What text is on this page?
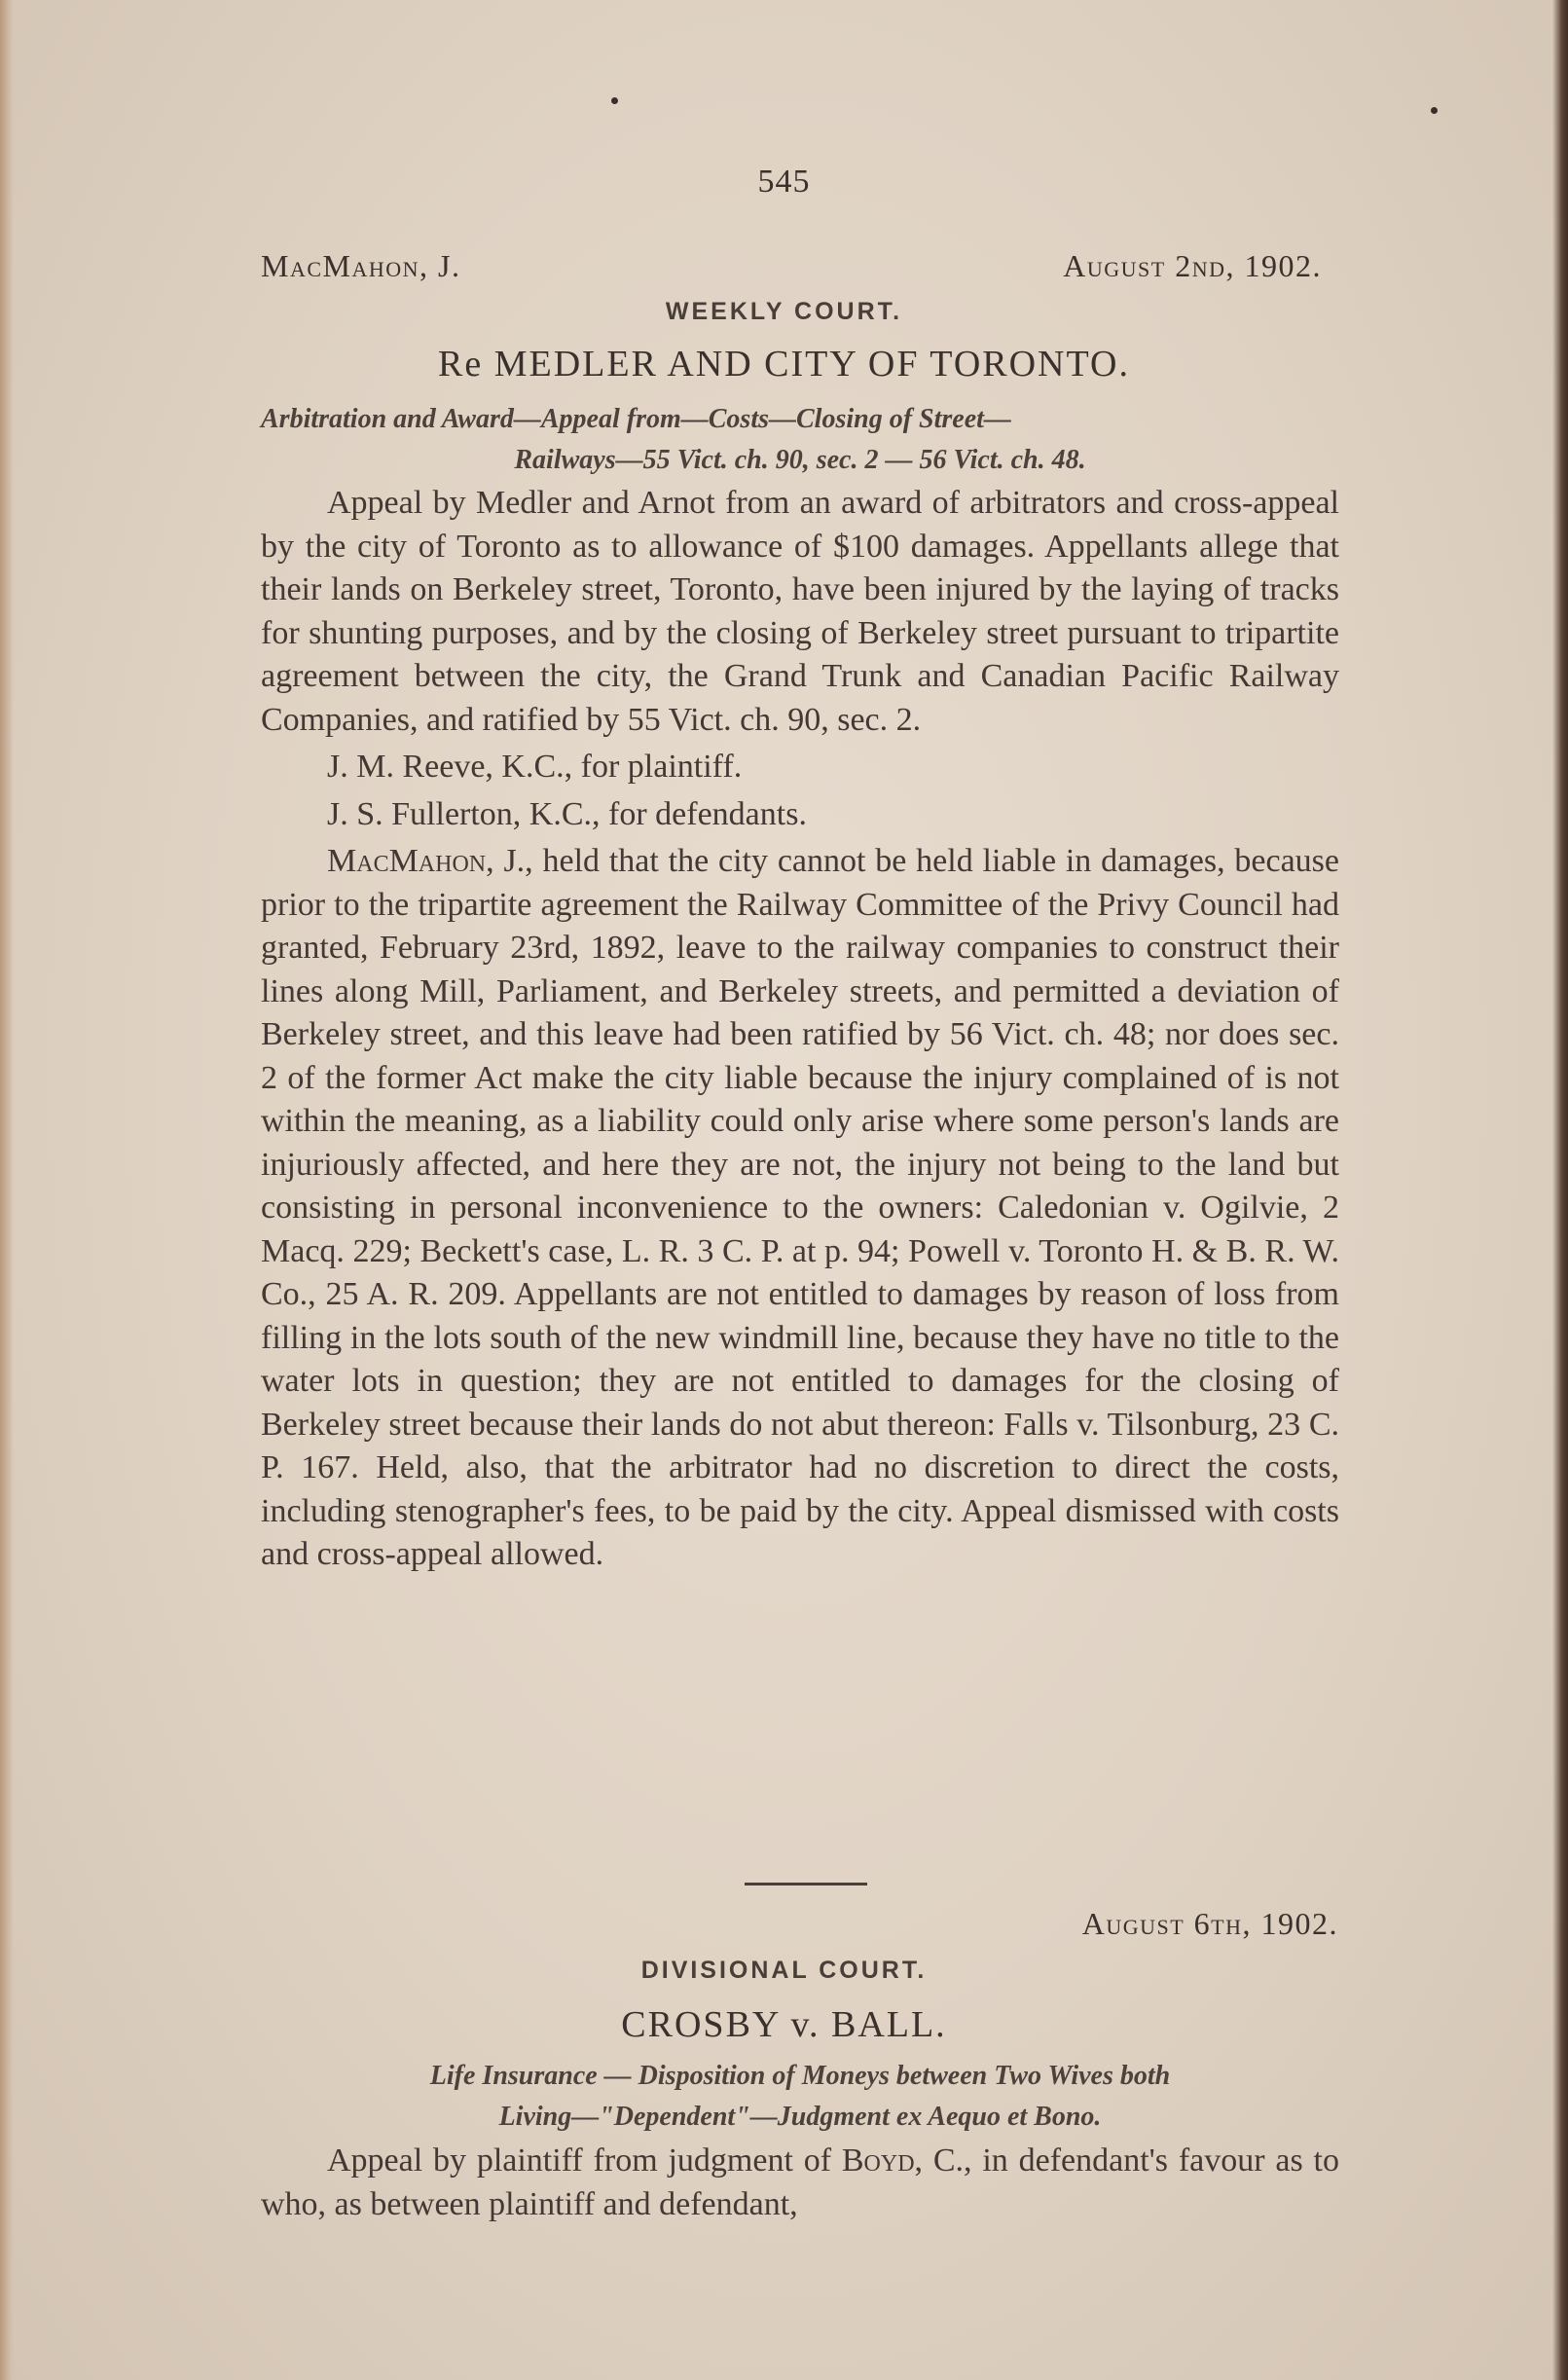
545
MacMahon, J.	August 2nd, 1902.
WEEKLY COURT.
Re MEDLER AND CITY OF TORONTO.
Arbitration and Award—Appeal from—Costs—Closing of Street—
Railways—55 Vict. ch. 90, sec. 2 — 56 Vict. ch. 48.

Appeal by Medler and Arnot from an award of arbitrators and cross-appeal by the city of Toronto as to allowance of $100 damages. Appellants allege that their lands on Berkeley street, Toronto, have been injured by the laying of tracks for shunting purposes, and by the closing of Berkeley street pursuant to tripartite agreement between the city, the Grand Trunk and Canadian Pacific Railway Companies, and ratified by 55 Vict. ch. 90, sec. 2.

J. M. Reeve, K.C., for plaintiff.

J. S. Fullerton, K.C., for defendants.

MacMahon, J., held that the city cannot be held liable in damages, because prior to the tripartite agreement the Railway Committee of the Privy Council had granted, February 23rd, 1892, leave to the railway companies to construct their lines along Mill, Parliament, and Berkeley streets, and permitted a deviation of Berkeley street, and this leave had been ratified by 56 Vict. ch. 48; nor does sec. 2 of the former Act make the city liable because the injury complained of is not within the meaning, as a liability could only arise where some person's lands are injuriously affected, and here they are not, the injury not being to the land but consisting in personal inconvenience to the owners: Caledonian v. Ogilvie, 2 Macq. 229; Beckett's case, L. R. 3 C. P. at p. 94; Powell v. Toronto H. & B. R. W. Co., 25 A. R. 209. Appellants are not entitled to damages by reason of loss from filling in the lots south of the new windmill line, because they have no title to the water lots in question; they are not entitled to damages for the closing of Berkeley street because their lands do not abut thereon: Falls v. Tilsonburg, 23 C. P. 167. Held, also, that the arbitrator had no discretion to direct the costs, including stenographer's fees, to be paid by the city. Appeal dismissed with costs and cross-appeal allowed.

August 6th, 1902.
DIVISIONAL COURT.
CROSBY v. BALL.
Life Insurance — Disposition of Moneys between Two Wives both
Living—"Dependent"—Judgment ex Aequo et Bono.

Appeal by plaintiff from judgment of Boyd, C., in defendant's favour as to who, as between plaintiff and defendant,
